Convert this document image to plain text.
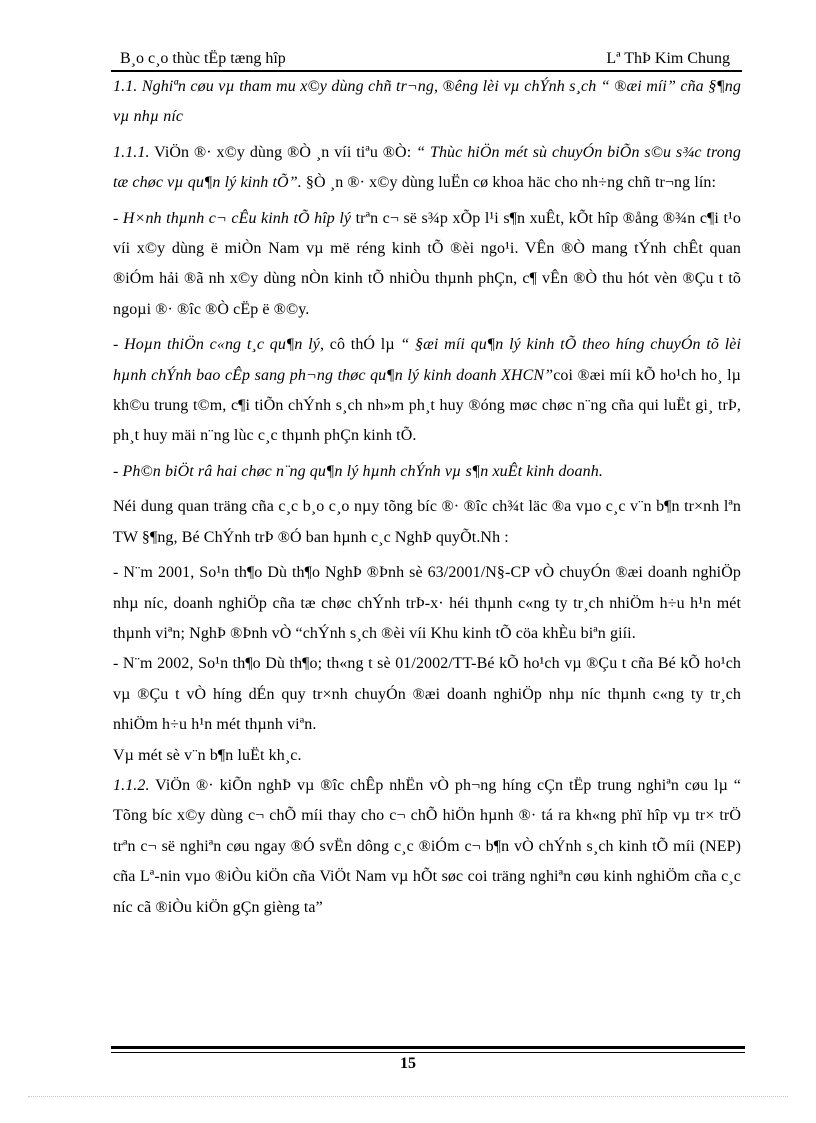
B¸o c¸o thùc tËp tæng hîp	Lª ThÞ Kim Chung

1.1. Nghiªn cøu vµ tham mu x©y dùng chñ tr¬ng, ®êng lèi vµ chÝnh s¸ch “ ®æi míi” cña §¶ng vµ nhµ níc

1.1.1. ViÖn ®· x©y dùng ®Ò ¸n víi tiªu ®Ò: “ Thùc hiÖn mét sù chuyÓn biÕn s©u s¾c trong tæ chøc vµ qu¶n lý kinh tÕ”. §Ò ¸n ®· x©y dùng luËn cø khoa häc cho nh÷ng chñ tr¬ng lín:

- H×nh thµnh c¬ cÊu kinh tÕ hîp lý trªn c¬ së s¾p xÕp l¹i s¶n xuÊt, kÕt hîp ®ång ®¾n c¶i t¹o víi x©y dùng ë miÒn Nam vµ më réng kinh tÕ ®èi ngo¹i. VÊn ®Ò mang tÝnh chÊt quan ®iÓm hải ®ã nh x©y dùng nÒn kinh tÕ nhiÒu thµnh phÇn, c¶ vÊn ®Ò thu hót vèn ®Çu t tõ ngoµi ®· ®îc ®Ò cËp ë ®©y.

- Hoµn thiÖn c«ng t¸c qu¶n lý, cô thÓ lµ “ §æi míi qu¶n lý kinh tÕ theo híng chuyÓn tõ lèi hµnh chÝnh bao cÊp sang ph¬ng thøc qu¶n lý kinh doanh XHCN”coi ®æi míi kÕ ho¹ch ho¸ lµ kh©u trung t©m, c¶i tiÕn chÝnh s¸ch nh»m ph¸t huy ®óng møc chøc n¨ng cña qui luËt gi¸ trÞ, ph¸t huy mäi n¨ng lùc c¸c thµnh phÇn kinh tÕ.

- Ph©n biÖt râ hai chøc n¨ng qu¶n lý hµnh chÝnh vµ s¶n xuÊt kinh doanh.

Néi dung quan träng cña c¸c b¸o c¸o nµy tõng bíc ®· ®îc ch¾t läc ®a vµo c¸c v¨n b¶n tr×nh lªn TW §¶ng, Bé ChÝnh trÞ ®Ó ban hµnh c¸c NghÞ quyÕt.Nh :

- N¨m 2001, So¹n th¶o Dù th¶o NghÞ ®Þnh sè 63/2001/N§-CP vÒ chuyÓn ®æi doanh nghiÖp nhµ níc, doanh nghiÖp cña tæ chøc chÝnh trÞ-x· héi thµnh c«ng ty tr¸ch nhiÖm h÷u h¹n mét thµnh viªn; NghÞ ®Þnh vÒ “chÝnh s¸ch ®èi víi Khu kinh tÕ cöa khÈu biªn giíi.

- N¨m 2002, So¹n th¶o Dù th¶o; th«ng t sè 01/2002/TT-Bé kÕ ho¹ch vµ ®Çu t cña Bé kÕ ho¹ch vµ ®Çu t vÒ híng dÉn quy tr×nh chuyÓn ®æi doanh nghiÖp nhµ níc thµnh c«ng ty tr¸ch nhiÖm h÷u h¹n mét thµnh viªn.

Vµ mét sè v¨n b¶n luËt kh¸c.

1.1.2. ViÖn ®· kiÕn nghÞ vµ ®îc chÊp nhËn vÒ ph¬ng híng cÇn tËp trung nghiªn cøu lµ “ Tõng bíc x©y dùng c¬ chÕ míi thay cho c¬ chÕ hiÖn hµnh ®· tá ra kh«ng phï hîp vµ tr× trÖ trªn c¬ së nghiªn cøu ngay ®Ó svËn dông c¸c ®iÓm c¬ b¶n vÒ chÝnh s¸ch kinh tÕ míi (NEP) cña Lª-nin vµo ®iÒu kiÖn cña ViÖt Nam vµ hÕt søc coi träng nghiªn cøu kinh nghiÖm cña c¸c níc cã ®iÒu kiÖn gÇn gièng ta”

15
